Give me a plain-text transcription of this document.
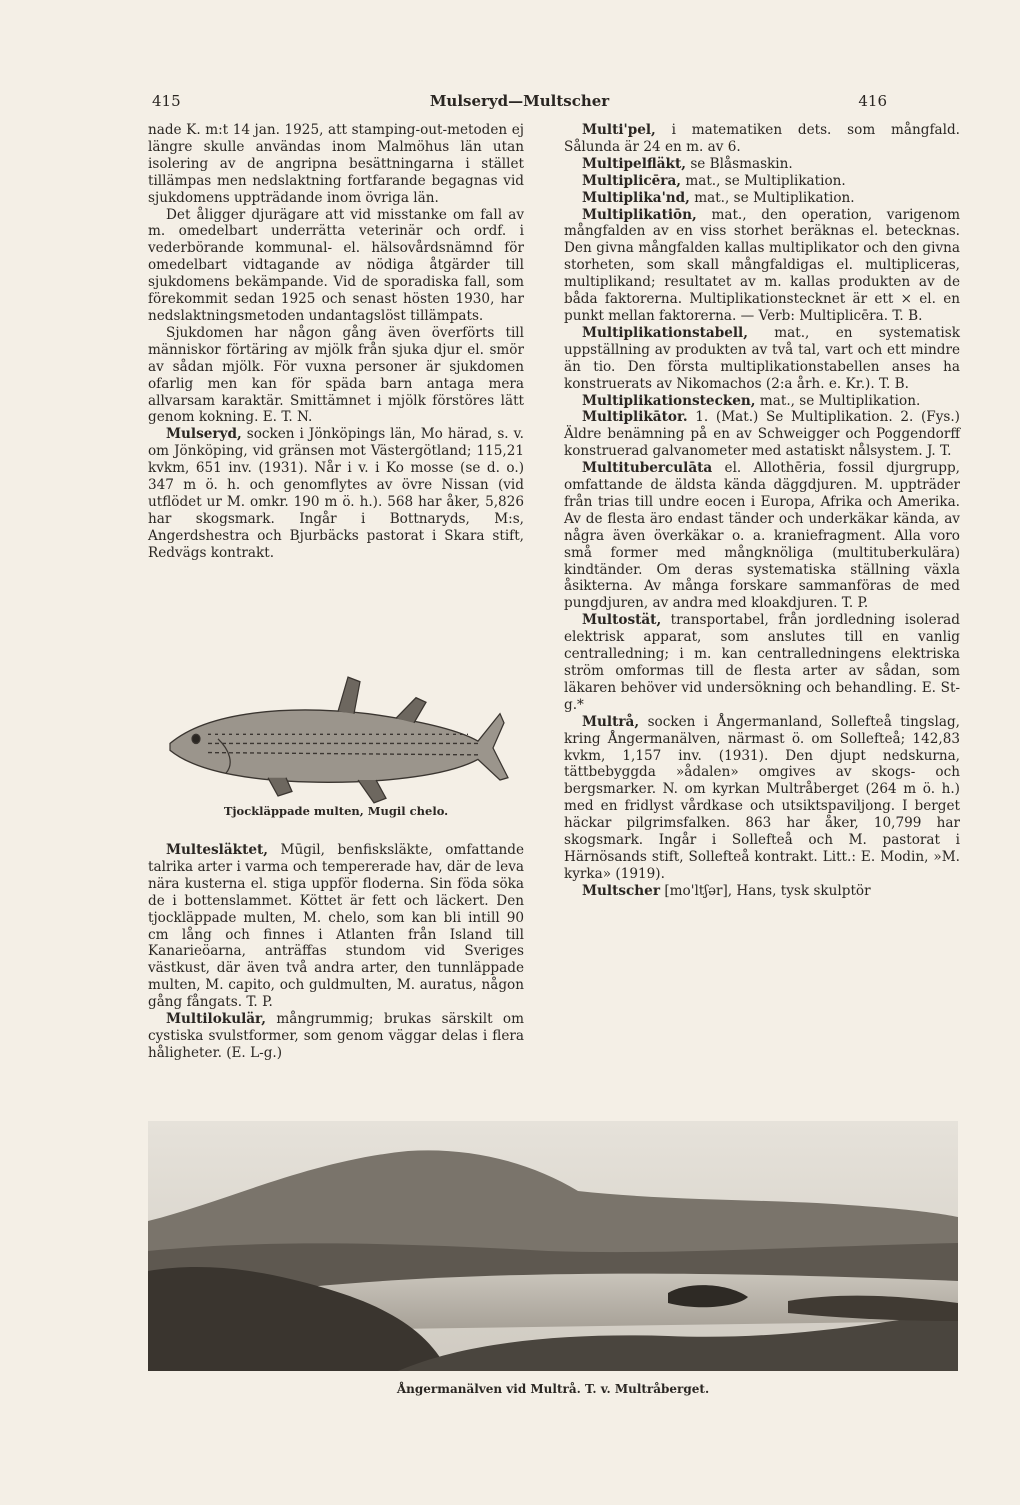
415	Mulseryd—Multscher	416

nade K. m:t 14 jan. 1925, att stamping-out-metoden ej längre skulle användas inom Malmöhus län utan isolering av de angripna besättningarna i stället tillämpas men nedslaktning fortfarande begagnas vid sjukdomens uppträdande inom övriga län.

Det åligger djurägare att vid misstanke om fall av m. omedelbart underrätta veterinär och ordf. i vederbörande kommunal- el. hälsovårdsnämnd för omedelbart vidtagande av nödiga åtgärder till sjukdomens bekämpande. Vid de sporadiska fall, som förekommit sedan 1925 och senast hösten 1930, har nedslaktningsmetoden undantagslöst tillämpats.

Sjukdomen har någon gång även överförts till människor förtäring av mjölk från sjuka djur el. smör av sådan mjölk. För vuxna personer är sjukdomen ofarlig men kan för späda barn antaga mera allvarsam karaktär. Smittämnet i mjölk förstöres lätt genom kokning. E. T. N.

Mulseryd, socken i Jönköpings län, Mo härad, s. v. om Jönköping, vid gränsen mot Västergötland; 115,21 kvkm, 651 inv. (1931). Når i v. i Ko mosse (se d. o.) 347 m ö. h. och genomflytes av övre Nissan (vid utflödet ur M. omkr. 190 m ö. h.). 568 har åker, 5,826 har skogsmark. Ingår i Bottnaryds, M:s, Angerdshestra och Bjurbäcks pastorat i Skara stift, Redvägs kontrakt.

Tjockläppade multen, Mugil chelo.

Multesläktet, Mūgil, benfisksläkte, omfattande talrika arter i varma och tempererade hav, där de leva nära kusterna el. stiga uppför floderna. Sin föda söka de i bottenslammet. Köttet är fett och läckert. Den tjockläppade multen, M. chelo, som kan bli intill 90 cm lång och finnes i Atlanten från Island till Kanarieöarna, anträffas stundom vid Sveriges västkust, där även två andra arter, den tunnläppade multen, M. capito, och guldmulten, M. auratus, någon gång fångats. T. P.

Multilokulär, mångrummig; brukas särskilt om cystiska svulstformer, som genom väggar delas i flera håligheter. (E. L-g.)

Multi'pel, i matematiken dets. som mångfald. Sålunda är 24 en m. av 6.

Multipelfläkt, se Blåsmaskin.

Multiplicēra, mat., se Multiplikation.

Multiplika'nd, mat., se Multiplikation.

Multiplikatiōn, mat., den operation, varigenom mångfalden av en viss storhet beräknas el. betecknas. Den givna mångfalden kallas multiplikator och den givna storheten, som skall mångfaldigas el. multipliceras, multiplikand; resultatet av m. kallas produkten av de båda faktorerna. Multiplikationstecknet är ett × el. en punkt mellan faktorerna. — Verb: Multiplicēra. T. B.

Multiplikationstabell, mat., en systematisk uppställning av produkten av två tal, vart och ett mindre än tio. Den första multiplikationstabellen anses ha konstruerats av Nikomachos (2:a årh. e. Kr.). T. B.

Multiplikationstecken, mat., se Multiplikation.

Multiplikātor. 1. (Mat.) Se Multiplikation. 2. (Fys.) Äldre benämning på en av Schweigger och Poggendorff konstruerad galvanometer med astatiskt nålsystem. J. T.

Multituberculāta el. Allothēria, fossil djurgrupp, omfattande de äldsta kända däggdjuren. M. uppträder från trias till undre eocen i Europa, Afrika och Amerika. Av de flesta äro endast tänder och underkäkar kända, av några även överkäkar o. a. kraniefragment. Alla voro små former med mångknöliga (multituberkulära) kindtänder. Om deras systematiska ställning växla åsikterna. Av många forskare sammanföras de med pungdjuren, av andra med kloakdjuren. T. P.

Multostät, transportabel, från jordledning isolerad elektrisk apparat, som anslutes till en vanlig centralledning; i m. kan centralledningens elektriska ström omformas till de flesta arter av sådan, som läkaren behöver vid undersökning och behandling. E. St-g.*

Multrå, socken i Ångermanland, Sollefteå tingslag, kring Ångermanälven, närmast ö. om Sollefteå; 142,83 kvkm, 1,157 inv. (1931). Den djupt nedskurna, tättbebyggda »ådalen» omgives av skogs- och bergsmarker. N. om kyrkan Multråberget (264 m ö. h.) med en fridlyst vårdkase och utsiktspaviljong. I berget häckar pilgrimsfalken. 863 har åker, 10,799 har skogsmark. Ingår i Sollefteå och M. pastorat i Härnösands stift, Sollefteå kontrakt. Litt.: E. Modin, »M. kyrka» (1919).

Multscher [mo'ltʃər], Hans, tysk skulptör

Ångermanälven vid Multrå. T. v. Multråberget.
